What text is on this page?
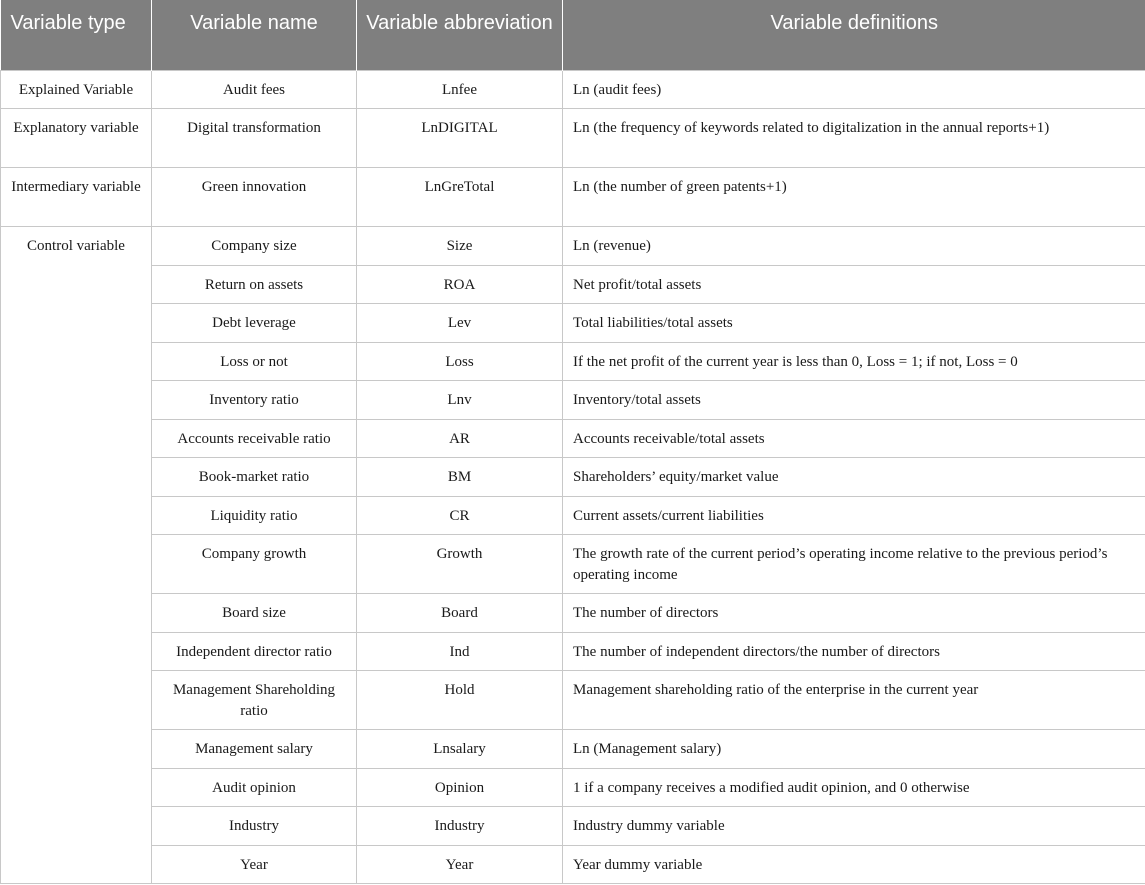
Variable type	Variable name	Variable abbreviation	Variable definitions
Explained Variable	Audit fees	Lnfee	Ln (audit fees)
Explanatory variable	Digital transformation	LnDIGITAL	Ln (the frequency of keywords related to digitalization in the annual reports+1)
Intermediary variable	Green innovation	LnGreTotal	Ln (the number of green patents+1)
Control variable	Company size	Size	Ln (revenue)
	Return on assets	ROA	Net profit/total assets
	Debt leverage	Lev	Total liabilities/total assets
	Loss or not	Loss	If the net profit of the current year is less than 0, Loss = 1; if not, Loss = 0
	Inventory ratio	Lnv	Inventory/total assets
	Accounts receivable ratio	AR	Accounts receivable/total assets
	Book-market ratio	BM	Shareholders’ equity/market value
	Liquidity ratio	CR	Current assets/current liabilities
	Company growth	Growth	The growth rate of the current period’s operating income relative to the previous period’s operating income
	Board size	Board	The number of directors
	Independent director ratio	Ind	The number of independent directors/the number of directors
	Management Shareholding ratio	Hold	Management shareholding ratio of the enterprise in the current year
	Management salary	Lnsalary	Ln (Management salary)
	Audit opinion	Opinion	1 if a company receives a modified audit opinion, and 0 otherwise
	Industry	Industry	Industry dummy variable
	Year	Year	Year dummy variable
